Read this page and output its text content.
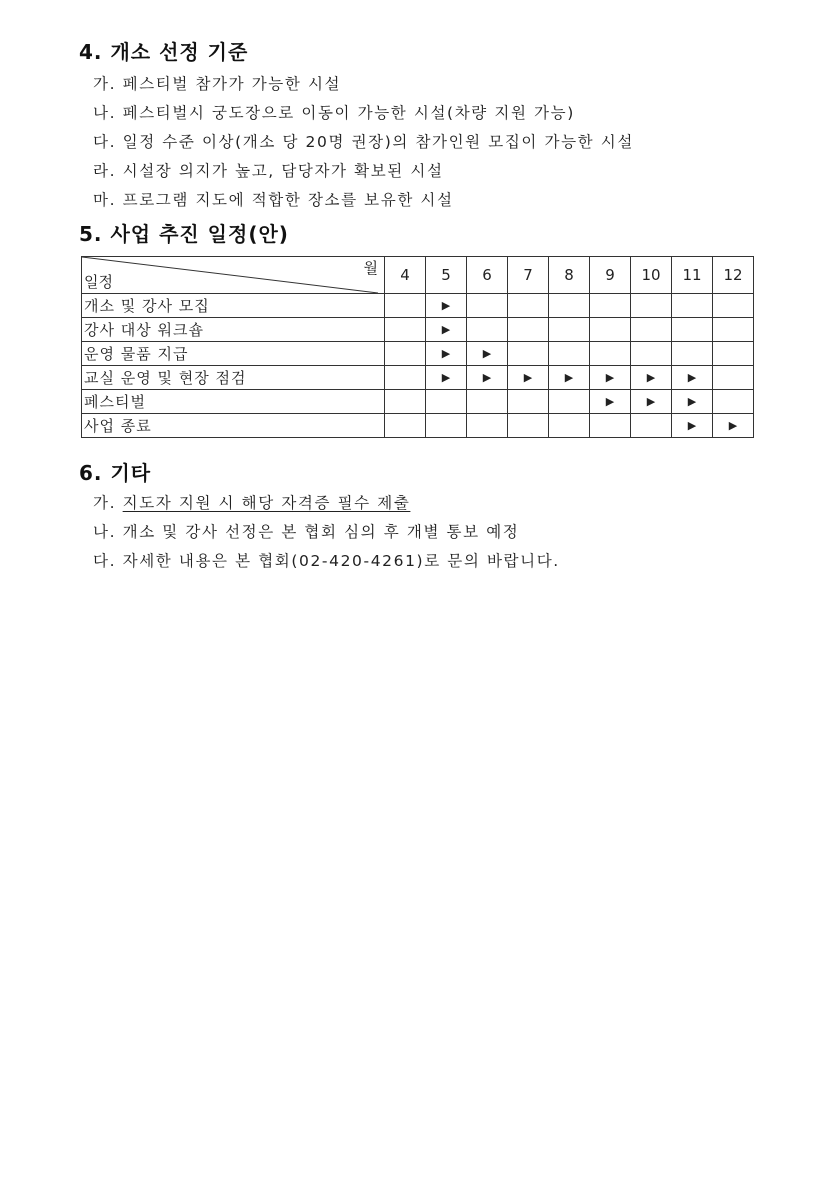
4. 개소 선정 기준
가. 페스티벌 참가가 가능한 시설
나. 페스티벌시 궁도장으로 이동이 가능한 시설(차량 지원 가능)
다. 일정 수준 이상(개소 당 20명 권장)의 참가인원 모집이 가능한 시설
라. 시설장 의지가 높고, 담당자가 확보된 시설
마. 프로그램 지도에 적합한 장소를 보유한 시설
5. 사업 추진 일정(안)
월
일정	4	5	6	7	8	9	10	11	12
개소 및 강사 모집		▶							
강사 대상 워크숍		▶							
운영 물품 지급		▶	▶						
교실 운영 및 현장 점검		▶	▶	▶	▶	▶	▶	▶	
페스티벌						▶	▶	▶	
사업 종료								▶	▶
6. 기타
가. 지도자 지원 시 해당 자격증 필수 제출
나. 개소 및 강사 선정은 본 협회 심의 후 개별 통보 예정
다. 자세한 내용은 본 협회(02-420-4261)로 문의 바랍니다.
